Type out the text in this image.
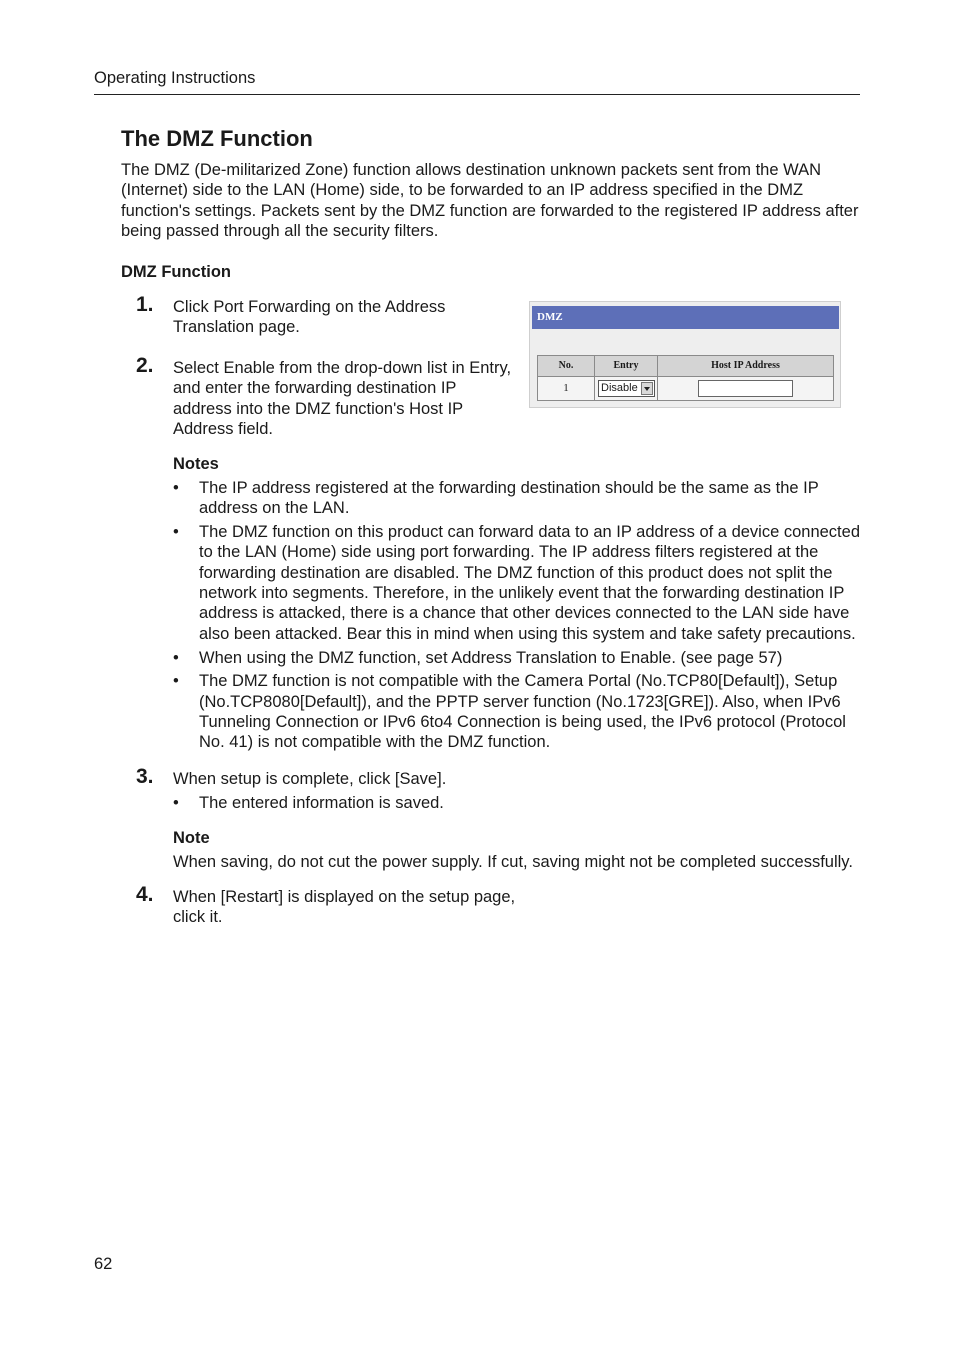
Operating Instructions
The DMZ Function

The DMZ (De-militarized Zone) function allows destination unknown packets sent from the WAN

(Internet) side to the LAN (Home) side, to be forwarded to an IP address specified in the DMZ

function's settings. Packets sent by the DMZ function are forwarded to the registered IP address after

being passed through all the security filters.

DMZ Function
1. Click Port Forwarding on the Address
Translation page.
2. Select Enable from the drop-down list in Entry,
and enter the forwarding destination IP
address into the DMZ function's Host IP
Address field.
DMZ
No.	Entry	Host IP Address
1	Disable
Notes
• The IP address registered at the forwarding destination should be the same as the IP
address on the LAN.
• The DMZ function on this product can forward data to an IP address of a device connected
to the LAN (Home) side using port forwarding. The IP address filters registered at the
forwarding destination are disabled. The DMZ function of this product does not split the
network into segments. Therefore, in the unlikely event that the forwarding destination IP
address is attacked, there is a chance that other devices connected to the LAN side have
also been attacked. Bear this in mind when using this system and take safety precautions.
• When using the DMZ function, set Address Translation to Enable. (see page 57)
• The DMZ function is not compatible with the Camera Portal (No.TCP80[Default]), Setup
(No.TCP8080[Default]), and the PPTP server function (No.1723[GRE]). Also, when IPv6
Tunneling Connection or IPv6 6to4 Connection is being used, the IPv6 protocol (Protocol
No. 41) is not compatible with the DMZ function.
3. When setup is complete, click [Save].
• The entered information is saved.
Note
When saving, do not cut the power supply. If cut, saving might not be completed successfully.
4. When [Restart] is displayed on the setup page,
click it.
62
